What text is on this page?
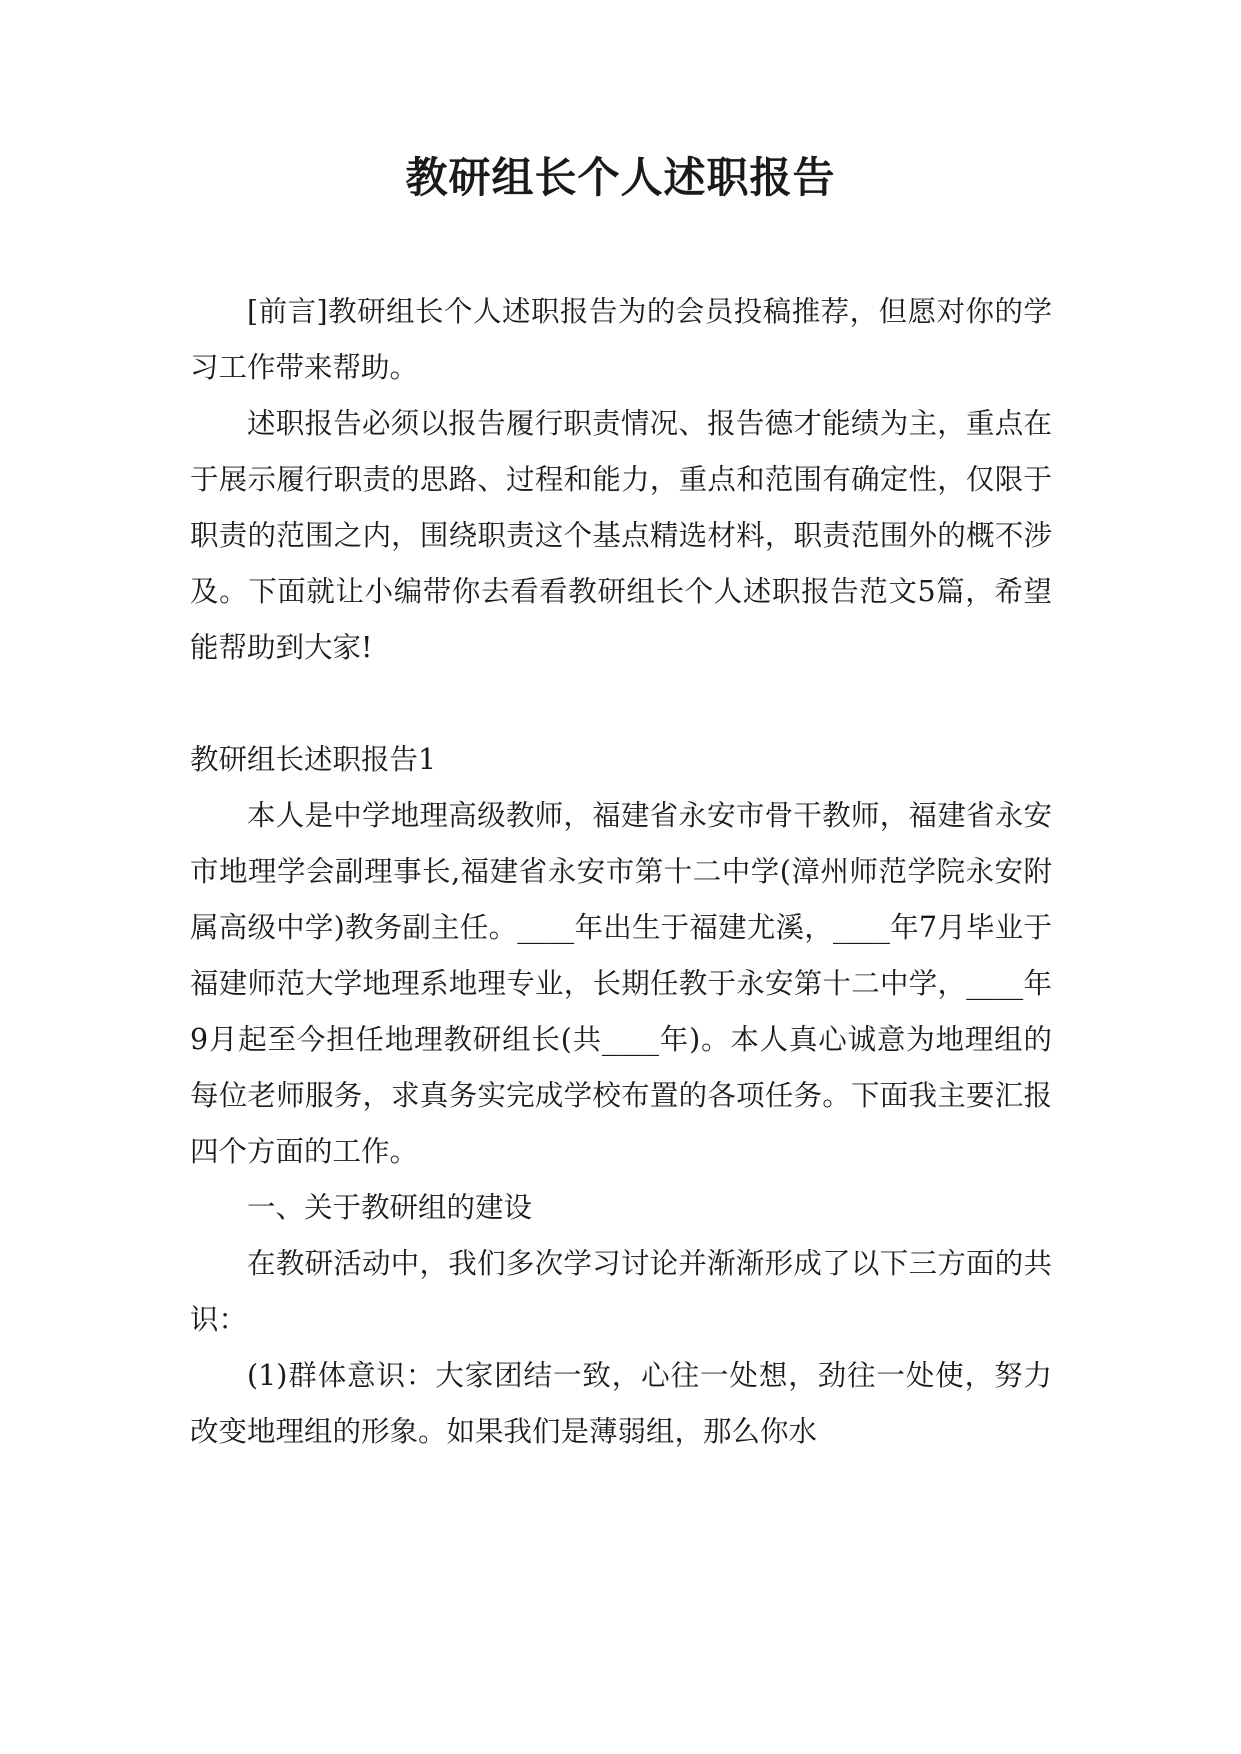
教研组长个人述职报告

[前言]教研组长个人述职报告为的会员投稿推荐，但愿对你的学习工作带来帮助。

述职报告必须以报告履行职责情况、报告德才能绩为主，重点在于展示履行职责的思路、过程和能力，重点和范围有确定性，仅限于职责的范围之内，围绕职责这个基点精选材料，职责范围外的概不涉及。下面就让小编带你去看看教研组长个人述职报告范文5篇，希望能帮助到大家!

教研组长述职报告1

本人是中学地理高级教师，福建省永安市骨干教师，福建省永安市地理学会副理事长,福建省永安市第十二中学(漳州师范学院永安附属高级中学)教务副主任。____年出生于福建尤溪，____年7月毕业于福建师范大学地理系地理专业，长期任教于永安第十二中学，____年9月起至今担任地理教研组长(共____年)。本人真心诚意为地理组的每位老师服务，求真务实完成学校布置的各项任务。下面我主要汇报四个方面的工作。

一、关于教研组的建设

在教研活动中，我们多次学习讨论并渐渐形成了以下三方面的共识：

(1)群体意识：大家团结一致，心往一处想，劲往一处使，努力改变地理组的形象。如果我们是薄弱组，那么你水
